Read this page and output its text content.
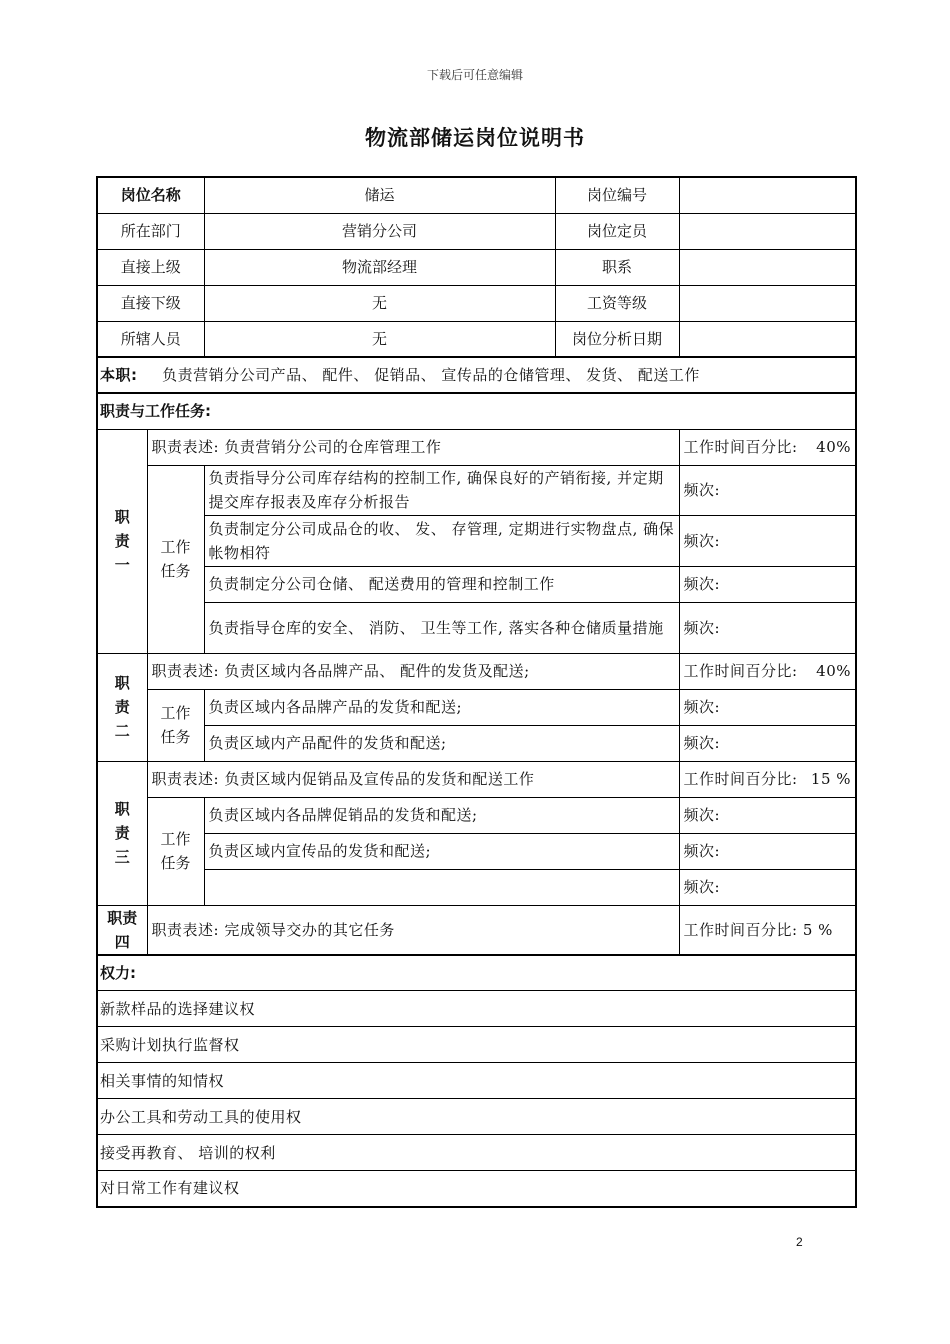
下载后可任意编辑
物流部储运岗位说明书
岗位名称		储运	岗位编号	
所在部门		营销分公司	岗位定员	
直接上级		物流部经理	职系	
直接下级		无	工资等级	
所辖人员		无	岗位分析日期	
本职: 负责营销分公司产品、 配件、 促销品、 宣传品的仓储管理、 发货、 配送工作				
职责与工作任务:				

职
责
一	职责表述: 负责营销分公司的仓库管理工作			工作时间百分比: 40%

	工作
任务	负责指导分公司库存结构的控制工作, 确保良好的产销衔接, 并定期提交库存报表及库存分析报告		频次:
		负责制定分公司成品仓的收、 发、 存管理, 定期进行实物盘点, 确保帐物相符		频次:
		负责制定分公司仓储、 配送费用的管理和控制工作		频次:
		负责指导仓库的安全、 消防、 卫生等工作, 落实各种仓储质量措施		频次:

职
责
二	职责表述: 负责区域内各品牌产品、 配件的发货及配送;			工作时间百分比: 40%

	工作
任务	负责区域内各品牌产品的发货和配送;		频次:
		负责区域内产品配件的发货和配送;		频次:

职
责
三	职责表述: 负责区域内促销品及宣传品的发货和配送工作			工作时间百分比: 15 %

	工作
任务	负责区域内各品牌促销品的发货和配送;		频次:
		负责区域内宣传品的发货和配送;		频次:
				频次:

职责
四	职责表述: 完成领导交办的其它任务			工作时间百分比: 5 %
权力:				
新款样品的选择建议权				
采购计划执行监督权				
相关事情的知情权				
办公工具和劳动工具的使用权				
接受再教育、 培训的权利				
对日常工作有建议权				
2
